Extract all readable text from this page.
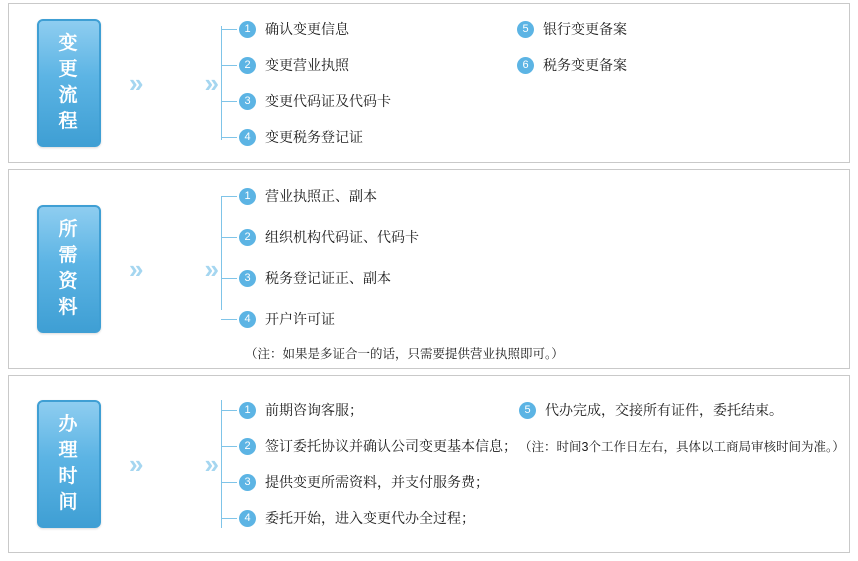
变
更
流
程
»	»
1	确认变更信息	5	银行变更备案
2	变更营业执照	6	税务变更备案
3	变更代码证及代码卡
4	变更税务登记证
所
需
资
料
»	»
1	营业执照正、副本
2	组织机构代码证、代码卡
3	税务登记证正、副本
4	开户许可证
（注：如果是多证合一的话，只需要提供营业执照即可。）
办
理
时
间
»	»
1	前期咨询客服；	5	代办完成，交接所有证件，委托结束。
2	签订委托协议并确认公司变更基本信息； （注：时间3个工作日左右，具体以工商局审核时间为准。）
3	提供变更所需资料，并支付服务费；
4	委托开始，进入变更代办全过程；
